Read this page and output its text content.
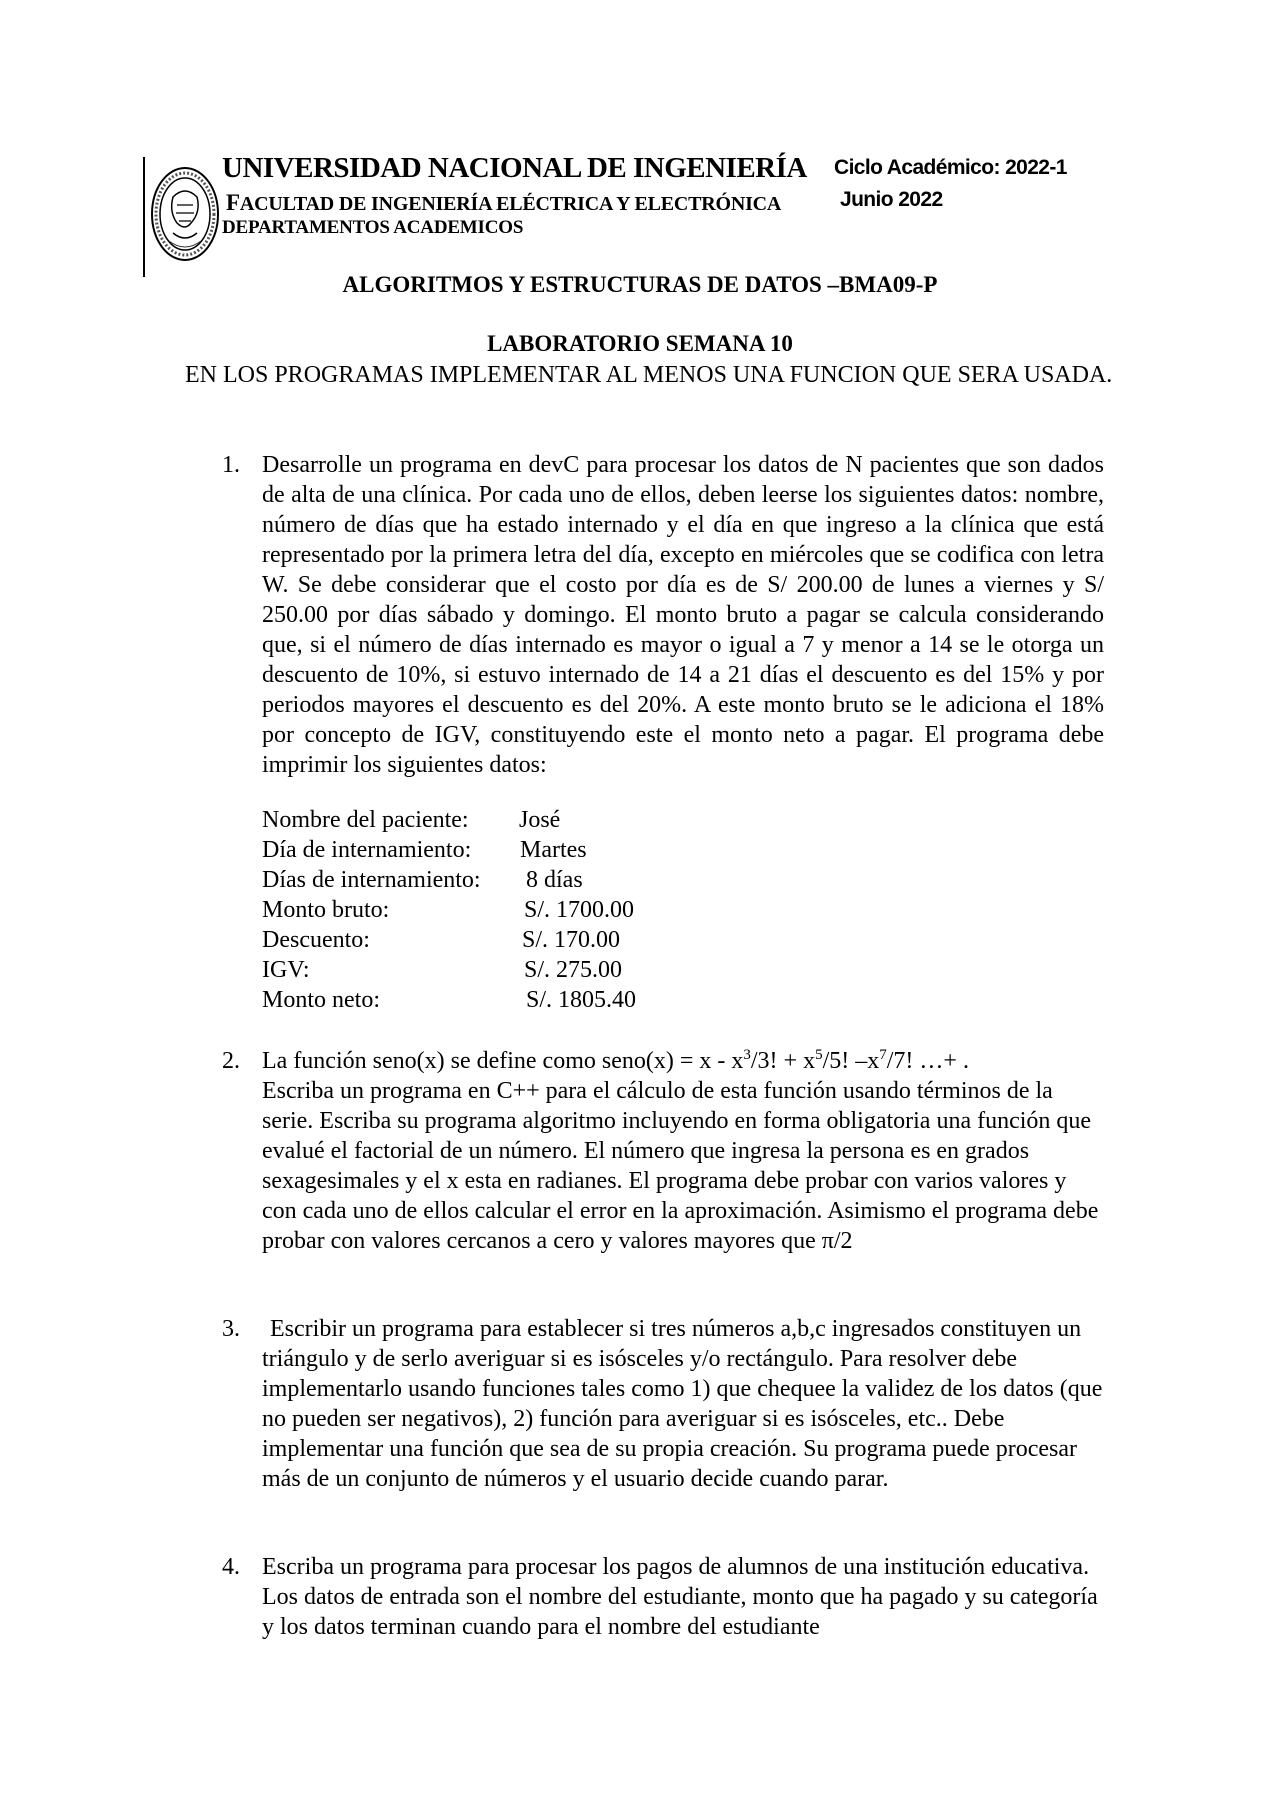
UNIVERSIDAD NACIONAL DE INGENIERÍA
FACULTAD DE INGENIERÍA ELÉCTRICA Y ELECTRÓNICA
DEPARTAMENTOS ACADEMICOS
Ciclo Académico: 2022-1
Junio 2022
ALGORITMOS Y ESTRUCTURAS DE DATOS –BMA09-P
LABORATORIO SEMANA 10
EN LOS PROGRAMAS IMPLEMENTAR AL MENOS UNA FUNCION QUE SERA USADA.
1. Desarrolle un programa en devC para procesar los datos de N pacientes que son dados de alta de una clínica. Por cada uno de ellos, deben leerse los siguientes datos: nombre, número de días que ha estado internado y el día en que ingreso a la clínica que está representado por la primera letra del día, excepto en miércoles que se codifica con letra W. Se debe considerar que el costo por día es de S/ 200.00 de lunes a viernes y S/ 250.00 por días sábado y domingo. El monto bruto a pagar se calcula considerando que, si el número de días internado es mayor o igual a 7 y menor a 14 se le otorga un descuento de 10%, si estuvo internado de 14 a 21 días el descuento es del 15% y por periodos mayores el descuento es del 20%. A este monto bruto se le adiciona el 18% por concepto de IGV, constituyendo este el monto neto a pagar. El programa debe imprimir los siguientes datos:

Nombre del paciente: José
Día de internamiento: Martes
Días de internamiento: 8 días
Monto bruto:	S/. 1700.00
Descuento:	S/. 170.00
IGV:	S/. 275.00
Monto neto:	S/. 1805.40
2. La función seno(x) se define como seno(x) = x - $x^3/3$! + $x^5/5$! $-x^7/7$! …+ .

Escriba un programa en C++ para el cálculo de esta función usando términos de la serie. Escriba su programa algoritmo incluyendo en forma obligatoria una función que evalué el factorial de un número. El número que ingresa la persona es en grados sexagesimales y el x esta en radianes. El programa debe probar con varios valores y con cada uno de ellos calcular el error en la aproximación. Asimismo el programa debe probar con valores cercanos a cero y valores mayores que π/2

3.	Escribir un programa para establecer si tres números a,b,c ingresados constituyen un triángulo y de serlo averiguar si es isósceles y/o rectángulo. Para resolver debe implementarlo usando funciones tales como 1) que chequee la validez de los datos (que no pueden ser negativos), 2) función para averiguar si es isósceles, etc.. Debe implementar una función que sea de su propia creación. Su programa puede procesar más de un conjunto de números y el usuario decide cuando parar.

4. Escriba un programa para procesar los pagos de alumnos de una institución educativa. Los datos de entrada son el nombre del estudiante, monto que ha pagado y su categoría y los datos terminan cuando para el nombre del estudiante
